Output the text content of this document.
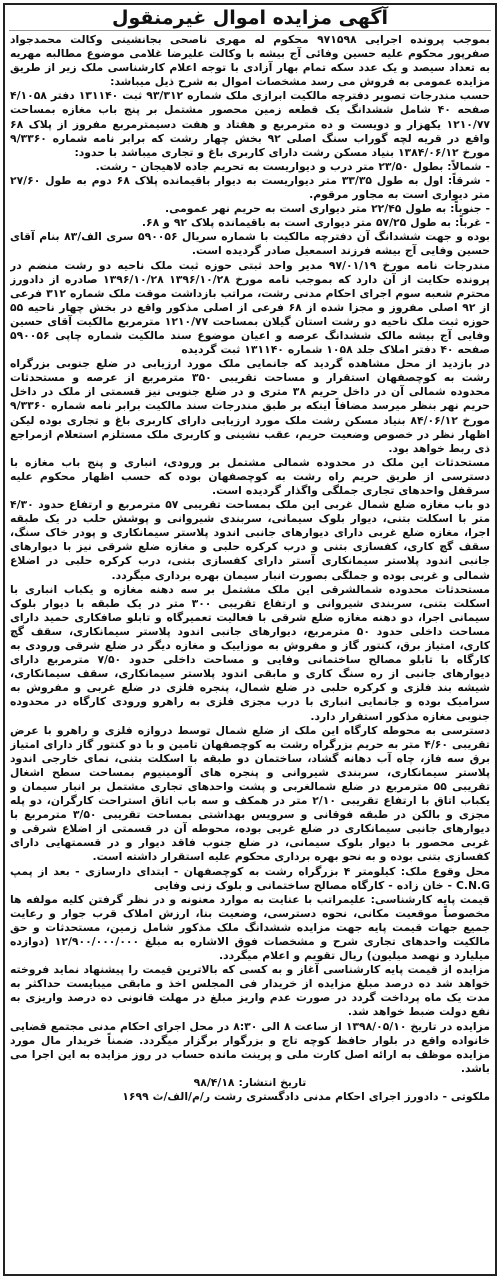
آگهی مزایده اموال غیرمنقول

بموجب پرونده اجرایی ۹۷۱۵۹۸ محکوم له مهری ناصحی بجانشینی وکالت محمدجواد صفرپور محکوم علیه حسین وفائی آج بیشه با وکالت علیرضا غلامی موضوع مطالبه مهریه به تعداد سیصد و یک عدد سکه تمام بهار آزادی با توجه اعلام کارشناسی ملک زیر از طریق مزایده عمومی به فروش می رسد مشخصات اموال به شرح ذیل میباشد:

حسب مندرجات تصویر دفترچه مالکیت ابرازی ملک شماره ۹۳/۳۱۲ ثبت ۱۳۱۱۴۰ دفتر ۴/۱۰۵۸ صفحه ۴۰ شامل ششدانگ یک قطعه زمین محصور مشتمل بر پنج باب مغازه بمساحت ۱۲۱۰/۷۷ یکهزار و دویست و ده مترمربع و هفتاد و هفت دسیمترمربع مفروز از پلاک ۶۸ واقع در قریه لچه گوراب سنگ اصلی ۹۲ بخش چهار رشت که برابر نامه شماره ۹/۳۳۶۰ مورخ ۱۳۸۴/۰۶/۱۲ بنیاد مسکن رشت دارای کاربری باغ و تجاری میباشد با حدود:

- شمالاً: بطول ۲۳/۵۰ متر درب و دیواریست به تحریم جاده لاهیجان - رشت.

- شرقاً: اول به طول ۳۳/۳۵ متر دیواریست به دیوار باقیمانده پلاک ۶۸ دوم به طول ۲۷/۶۰ متر دیواری است به مجاور مرقوم.

- جنوباً: به طول ۲۲/۴۵ متر دیواری است به حریم نهر عمومی.

- غرباً: به طول ۵۷/۲۵ متر دیواری است به باقیمانده پلاک ۹۲ و ۶۸.

بوده و جهت ششدانگ آن دفترچه مالکیت با شماره سریال ۵۹۰۰۵۶ سری الف/۸۳ بنام آقای حسین وفایی آج بیشه فرزند اسمعیل صادر گردیده است.

مندرجات نامه مورخ ۹۷/۰۱/۱۹ مدیر واحد ثبتی حوزه ثبت ملک ناحیه دو رشت منضم در پرونده حکایت از آن دارد که بموجب نامه مورخ ۱۳۹۶/۱۰/۲۸ ۱۳۹۶/۱۰/۲۸ صادره از دادورز محترم شعبه سوم اجرای احکام مدنی رشت، مراتب بازداشت موقت ملک شماره ۳۱۲ فرعی از ۹۲ اصلی مفروز و مجزا شده از ۶۸ فرعی از اصلی مذکور واقع در بخش چهار ناحیه ۵۵ حوزه ثبت ملک ناحیه دو رشت استان گیلان بمساحت ۱۲۱۰/۷۷ مترمربع مالکیت آقای حسین وفایی آج بیشه مالک ششدانگ عرصه و اعیان موضوع سند مالکیت شماره چاپی ۵۹۰۰۵۶ صفحه ۴۰ دفتر املاک جلد ۱۰۵۸ شماره ۱۳۱۱۴۰ ثبت گردیده

در بازدید از محل مشاهده گردید که جانمایی ملک مورد ارزیابی در ضلع جنوبی بزرگراه رشت به کوچصفهان استقرار و مساحت تقریبی ۳۵۰ مترمربع از عرصه و مستحدثات محدوده شمالی آن در داخل حریم ۳۸ متری و در ضلع جنوبی نیز قسمتی از ملک در داخل حریم نهر بنظر میرسد مضافاً اینکه بر طبق مندرجات سند مالکیت برابر نامه شماره ۹/۳۳۶۰ مورخ ۸۴/۰۶/۱۲ بنیاد مسکن رشت ملک مورد ارزیابی دارای کاربری باغ و تجاری بوده لیکن اظهار نظر در خصوص وضعیت حریم، عقب نشینی و کاربری ملک مستلزم استعلام ازمراجع ذی ربط خواهد بود.

مستحدثات این ملک در محدوده شمالی مشتمل بر ورودی، انباری و پنج باب مغازه با دسترسی از طریق حریم راه رشت به کوچصفهان بوده که حسب اظهار محکوم علیه سرقفل واحدهای تجاری جملگی واگذار گردیده است.

دو باب مغازه ضلع شمال غربی این ملک بمساحت تقریبی ۵۷ مترمربع و ارتفاع حدود ۴/۳۰ متر با اسکلت بتنی، دیوار بلوک سیمانی، سربندی شیروانی و پوشش حلب در یک طبقه اجرا، مغازه ضلع غربی دارای دیوارهای جانبی اندود پلاستر سیمانکاری و پودر خاک سنگ، سقف گچ کاری، کفسازی بتنی و درب کرکره حلبی و مغازه ضلع شرقی نیز با دیوارهای جانبی اندود پلاستر سیمانکاری آستر دارای کفسازی بتنی، درب کرکره حلبی در اضلاع شمالی و غربی بوده و جملگی بصورت انبار سیمان بهره برداری میگردد.

مستحدثات محدوده شمالشرقی این ملک مشتمل بر سه دهنه مغازه و یکباب انباری با اسکلت بتنی، سربندی شیروانی و ارتفاع تقریبی ۳۰۰ متر در یک طبقه با دیوار بلوک سیمانی اجرا، دو دهنه مغازه ضلع شرقی با فعالیت تعمیرگاه و تابلو صافکاری حمید دارای مساحت داخلی حدود ۵۰ مترمربع، دیوارهای جانبی اندود پلاستر سیمانکاری، سقف گچ کاری، امتیاز برق، کنتور گاز و مفروش به موزاییک و مغازه دیگر در ضلع شرقی ورودی به کارگاه با تابلو مصالح ساختمانی وفایی و مساحت داخلی حدود ۷/۵۰ مترمربع دارای دیوارهای جانبی از ره سنگ کاری و مابقی اندود پلاستر سیمانکاری، سقف سیمانکاری، شیشه بند فلزی و کرکره حلبی در ضلع شمال، پنجره فلزی در ضلع غربی و مفروش به سرامیک بوده و جانمایی انباری با درب مجزی فلزی به راهرو ورودی کارگاه در محدوده جنوبی مغازه مذکور استقرار دارد.

دسترسی به محوطه کارگاه این ملک از ضلع شمال توسط دروازه فلزی و راهرو با عرض تقریبی ۴/۶۰ متر به حریم بزرگراه رشت به کوچصفهان تامین و با دو کنتور گاز دارای امتیاز برق سه فاز، چاه آب دهانه گشاد، ساختمان دو طبقه با اسکلت بتنی، نمای خارجی اندود پلاستر سیمانکاری، سربندی شیروانی و پنجره های آلومینیوم بمساحت سطح اشغال تقریبی ۵۵ مترمربع در ضلع شمالغربی و پشت واحدهای تجاری مشتمل بر انبار سیمان و یکباب اتاق با ارتفاع تقریبی ۲/۱۰ متر در همکف و سه باب اتاق استراحت کارگران، دو پله مجزی و بالکن در طبقه فوقانی و سرویس بهداشتی بمساحت تقریبی ۳/۵۰ مترمربع با دیوارهای جانبی سیمانکاری در ضلع غربی بوده، محوطه آن در قسمتی از اضلاع شرقی و غربی محصور با دیوار بلوک سیمانی، در ضلع جنوب فاقد دیوار و در قسمتهایی دارای کفسازی بتنی بوده و به نحو بهره برداری محکوم علیه استقرار داشته است.

محل وقوع ملک: کیلومتر ۴ بزرگراه رشت به کوچصفهان - ابتدای دارسازی - بعد از پمپ C.N.G - خان زاده - کارگاه مصالح ساختمانی و بلوک زنی وفایی

قیمت پایه کارشناسی: علیمراتب با عنایت به موارد معنونه و در نظر گرفتن کلیه مولفه ها مخصوصاً موقعیت مکانی، نحوه دسترسی، وضعیت بنا، ارزش املاک قرب جوار و رعایت جمیع جهات قیمت پایه جهت مزایده ششدانگ ملک مذکور شامل زمین، مستحدثات و حق مالکیت واحدهای تجاری شرح و مشخصات فوق الاشاره به مبلغ ۱۲/۹۰۰/۰۰۰/۰۰۰ (دوازده میلیارد و نهصد میلیون) ریال تقویم و اعلام میگردد.

مزایده از قیمت پایه کارشناسی آغاز و به کسی که بالاترین قیمت را پیشنهاد نماید فروخته خواهد شد ده درصد مبلغ مزایده از خریدار فی المجلس اخذ و مابقی میبایست حداکثر به مدت یک ماه پرداخت گردد در صورت عدم واریز مبلغ در مهلت قانونی ده درصد واریزی به نفع دولت ضبط خواهد شد.

مزایده در تاریخ ۱۳۹۸/۰۵/۱۰ از ساعت ۸ الی ۸:۳۰ در محل اجرای احکام مدنی مجتمع قضایی خانواده واقع در بلوار حافظ کوچه تاج و بزرگوار برگزار میگردد. ضمناً خریدار مال مورد مزایده موظف به ارائه اصل کارت ملی و پرینت مانده حساب در روز مزایده به این اجرا می باشد.

تاریخ انتشار: ۹۸/۴/۱۸

ملکوتی - دادورز اجرای احکام مدنی دادگستری رشت ر/م/الف/ث ۱۶۹۹
